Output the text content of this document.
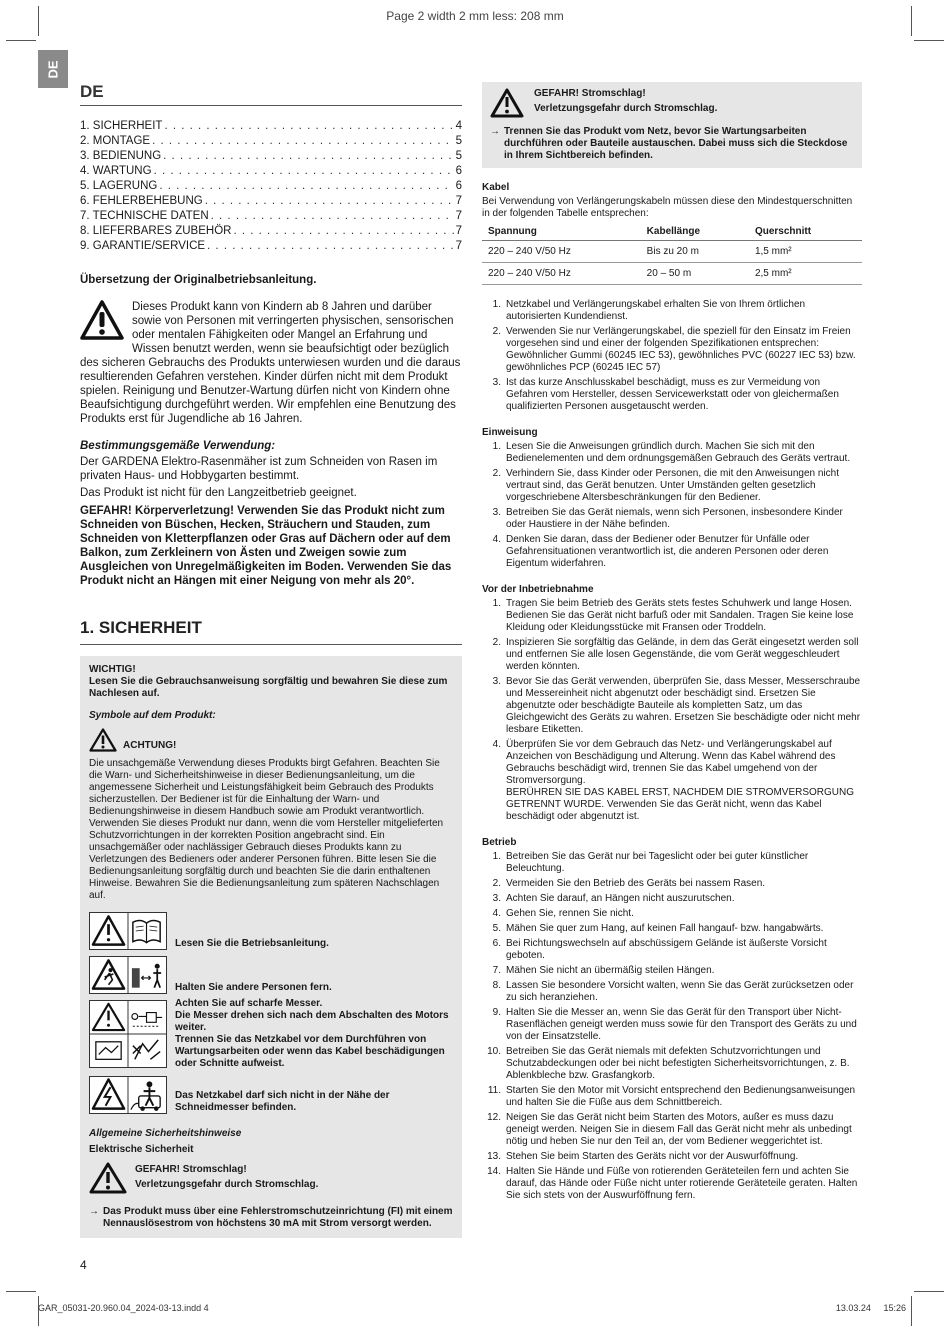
Page 2 width 2 mm less: 208 mm
DE
DE
1. SICHERHEIT . . .	4
2. MONTAGE . . .	5
3. BEDIENUNG . . .	5
4. WARTUNG . . .	6
5. LAGERUNG . . .	6
6. FEHLERBEHEBUNG . . .	7
7. TECHNISCHE DATEN . . .	7
8. LIEFERBARES ZUBEHÖR . . .	7
9. GARANTIE/SERVICE . . .	7
Übersetzung der Originalbetriebsanleitung.
Dieses Produkt kann von Kindern ab 8 Jahren und darüber sowie von Personen mit verringerten physischen, sensorischen oder mentalen Fähigkeiten oder Mangel an Erfahrung und Wissen benutzt werden, wenn sie beaufsichtigt oder bezüglich des sicheren Gebrauchs des Produkts unterwiesen wurden und die daraus resultierenden Gefahren verstehen. Kinder dürfen nicht mit dem Produkt spielen. Reinigung und Benutzer-Wartung dürfen nicht von Kindern ohne Beaufsichtigung durchgeführt werden. Wir empfehlen eine Benutzung des Produkts erst für Jugendliche ab 16 Jahren.
Bestimmungsgemäße Verwendung:
Der GARDENA Elektro-Rasenmäher ist zum Schneiden von Rasen im privaten Haus- und Hobbygarten bestimmt.
Das Produkt ist nicht für den Langzeitbetrieb geeignet.
GEFAHR! Körperverletzung! Verwenden Sie das Produkt nicht zum Schneiden von Büschen, Hecken, Sträuchern und Stauden, zum Schneiden von Kletterpflanzen oder Gras auf Dächern oder auf dem Balkon, zum Zerkleinern von Ästen und Zweigen sowie zum Ausgleichen von Unregelmäßigkeiten im Boden. Verwenden Sie das Produkt nicht an Hängen mit einer Neigung von mehr als 20°.
1. SICHERHEIT
WICHTIG!
Lesen Sie die Gebrauchsanweisung sorgfältig und bewahren Sie diese zum Nachlesen auf.
Symbole auf dem Produkt:
ACHTUNG!
Die unsachgemäße Verwendung dieses Produkts birgt Gefahren. Beachten Sie die Warn- und Sicherheitshinweise in dieser Bedienungsanleitung, um die angemessene Sicherheit und Leistungsfähigkeit beim Gebrauch des Produkts sicherzustellen. Der Bediener ist für die Einhaltung der Warn- und Bedienungshinweise in diesem Handbuch sowie am Produkt verantwortlich. Verwenden Sie dieses Produkt nur dann, wenn die vom Hersteller mitgelieferten Schutzvorrichtungen in der korrekten Position angebracht sind. Ein unsachgemäßer oder nachlässiger Gebrauch dieses Produkts kann zu Verletzungen des Bedieners oder anderer Personen führen. Bitte lesen Sie die Bedienungsanleitung sorgfältig durch und beachten Sie die darin enthaltenen Hinweise. Bewahren Sie die Bedienungsanleitung zum späteren Nachschlagen auf.
Lesen Sie die Betriebsanleitung.
Halten Sie andere Personen fern.
Achten Sie auf scharfe Messer.
Die Messer drehen sich nach dem Abschalten des Motors weiter.
Trennen Sie das Netzkabel vor dem Durchführen von Wartungsarbeiten oder wenn das Kabel beschädigungen oder Schnitte aufweist.
Das Netzkabel darf sich nicht in der Nähe der Schneidmesser befinden.
Allgemeine Sicherheitshinweise
Elektrische Sicherheit
GEFAHR! Stromschlag!
Verletzungsgefahr durch Stromschlag.
→ Das Produkt muss über eine Fehlerstromschutzeinrichtung (FI) mit einem Nennauslösestrom von höchstens 30 mA mit Strom versorgt werden.
GEFAHR! Stromschlag!
Verletzungsgefahr durch Stromschlag.
→ Trennen Sie das Produkt vom Netz, bevor Sie Wartungsarbeiten durchführen oder Bauteile austauschen. Dabei muss sich die Steckdose in Ihrem Sichtbereich befinden.
Kabel
Bei Verwendung von Verlängerungskabeln müssen diese den Mindestquerschnitten in der folgenden Tabelle entsprechen:
Spannung	Kabellänge	Querschnitt
220 – 240 V/50 Hz	Bis zu 20 m	1,5 mm²
220 – 240 V/50 Hz	20 – 50 m	2,5 mm²
1. Netzkabel und Verlängerungskabel erhalten Sie von Ihrem örtlichen autorisierten Kundendienst.
2. Verwenden Sie nur Verlängerungskabel, die speziell für den Einsatz im Freien vorgesehen sind und einer der folgenden Spezifikationen entsprechen: Gewöhnlicher Gummi (60245 IEC 53), gewöhnliches PVC (60227 IEC 53) bzw. gewöhnliches PCP (60245 IEC 57)
3. Ist das kurze Anschlusskabel beschädigt, muss es zur Vermeidung von Gefahren vom Hersteller, dessen Servicewerkstatt oder von gleichermaßen qualifizierten Personen ausgetauscht werden.
Einweisung
1. Lesen Sie die Anweisungen gründlich durch. Machen Sie sich mit den Bedienelementen und dem ordnungsgemäßen Gebrauch des Geräts vertraut.
2. Verhindern Sie, dass Kinder oder Personen, die mit den Anweisungen nicht vertraut sind, das Gerät benutzen. Unter Umständen gelten gesetzlich vorgeschriebene Altersbeschränkungen für den Bediener.
3. Betreiben Sie das Gerät niemals, wenn sich Personen, insbesondere Kinder oder Haustiere in der Nähe befinden.
4. Denken Sie daran, dass der Bediener oder Benutzer für Unfälle oder Gefahrensituationen verantwortlich ist, die anderen Personen oder deren Eigentum widerfahren.
Vor der Inbetriebnahme
1. Tragen Sie beim Betrieb des Geräts stets festes Schuhwerk und lange Hosen. Bedienen Sie das Gerät nicht barfuß oder mit Sandalen. Tragen Sie keine lose Kleidung oder Kleidungsstücke mit Fransen oder Troddeln.
2. Inspizieren Sie sorgfältig das Gelände, in dem das Gerät eingesetzt werden soll und entfernen Sie alle losen Gegenstände, die vom Gerät weggeschleudert werden könnten.
3. Bevor Sie das Gerät verwenden, überprüfen Sie, dass Messer, Messerschraube und Messereinheit nicht abgenutzt oder beschädigt sind. Ersetzen Sie abgenutzte oder beschädigte Bauteile als kompletten Satz, um das Gleichgewicht des Geräts zu wahren. Ersetzen Sie beschädigte oder nicht mehr lesbare Etiketten.
4. Überprüfen Sie vor dem Gebrauch das Netz- und Verlängerungskabel auf Anzeichen von Beschädigung und Alterung. Wenn das Kabel während des Gebrauchs beschädigt wird, trennen Sie das Kabel umgehend von der Stromversorgung.
BERÜHREN SIE DAS KABEL ERST, NACHDEM DIE STROMVERSORGUNG GETRENNT WURDE. Verwenden Sie das Gerät nicht, wenn das Kabel beschädigt oder abgenutzt ist.
Betrieb
1. Betreiben Sie das Gerät nur bei Tageslicht oder bei guter künstlicher Beleuchtung.
2. Vermeiden Sie den Betrieb des Geräts bei nassem Rasen.
3. Achten Sie darauf, an Hängen nicht auszurutschen.
4. Gehen Sie, rennen Sie nicht.
5. Mähen Sie quer zum Hang, auf keinen Fall hangauf- bzw. hangabwärts.
6. Bei Richtungswechseln auf abschüssigem Gelände ist äußerste Vorsicht geboten.
7. Mähen Sie nicht an übermäßig steilen Hängen.
8. Lassen Sie besondere Vorsicht walten, wenn Sie das Gerät zurücksetzen oder zu sich heranziehen.
9. Halten Sie die Messer an, wenn Sie das Gerät für den Transport über Nicht-Rasenflächen geneigt werden muss sowie für den Transport des Geräts zu und von der Einsatzstelle.
10. Betreiben Sie das Gerät niemals mit defekten Schutzvorrichtungen und Schutzabdeckungen oder bei nicht befestigten Sicherheitsvorrichtungen, z. B. Ablenkbleche bzw. Grasfangkorb.
11. Starten Sie den Motor mit Vorsicht entsprechend den Bedienungsanweisungen und halten Sie die Füße aus dem Schnittbereich.
12. Neigen Sie das Gerät nicht beim Starten des Motors, außer es muss dazu geneigt werden. Neigen Sie in diesem Fall das Gerät nicht mehr als unbedingt nötig und heben Sie nur den Teil an, der vom Bediener weggerichtet ist.
13. Stehen Sie beim Starten des Geräts nicht vor der Auswurföffnung.
14. Halten Sie Hände und Füße von rotierenden Geräteteilen fern und achten Sie darauf, das Hände oder Füße nicht unter rotierende Geräteteile geraten. Halten Sie sich stets von der Auswurföffnung fern.
4
GAR_05031-20.960.04_2024-03-13.indd 4	13.03.24 15:26
